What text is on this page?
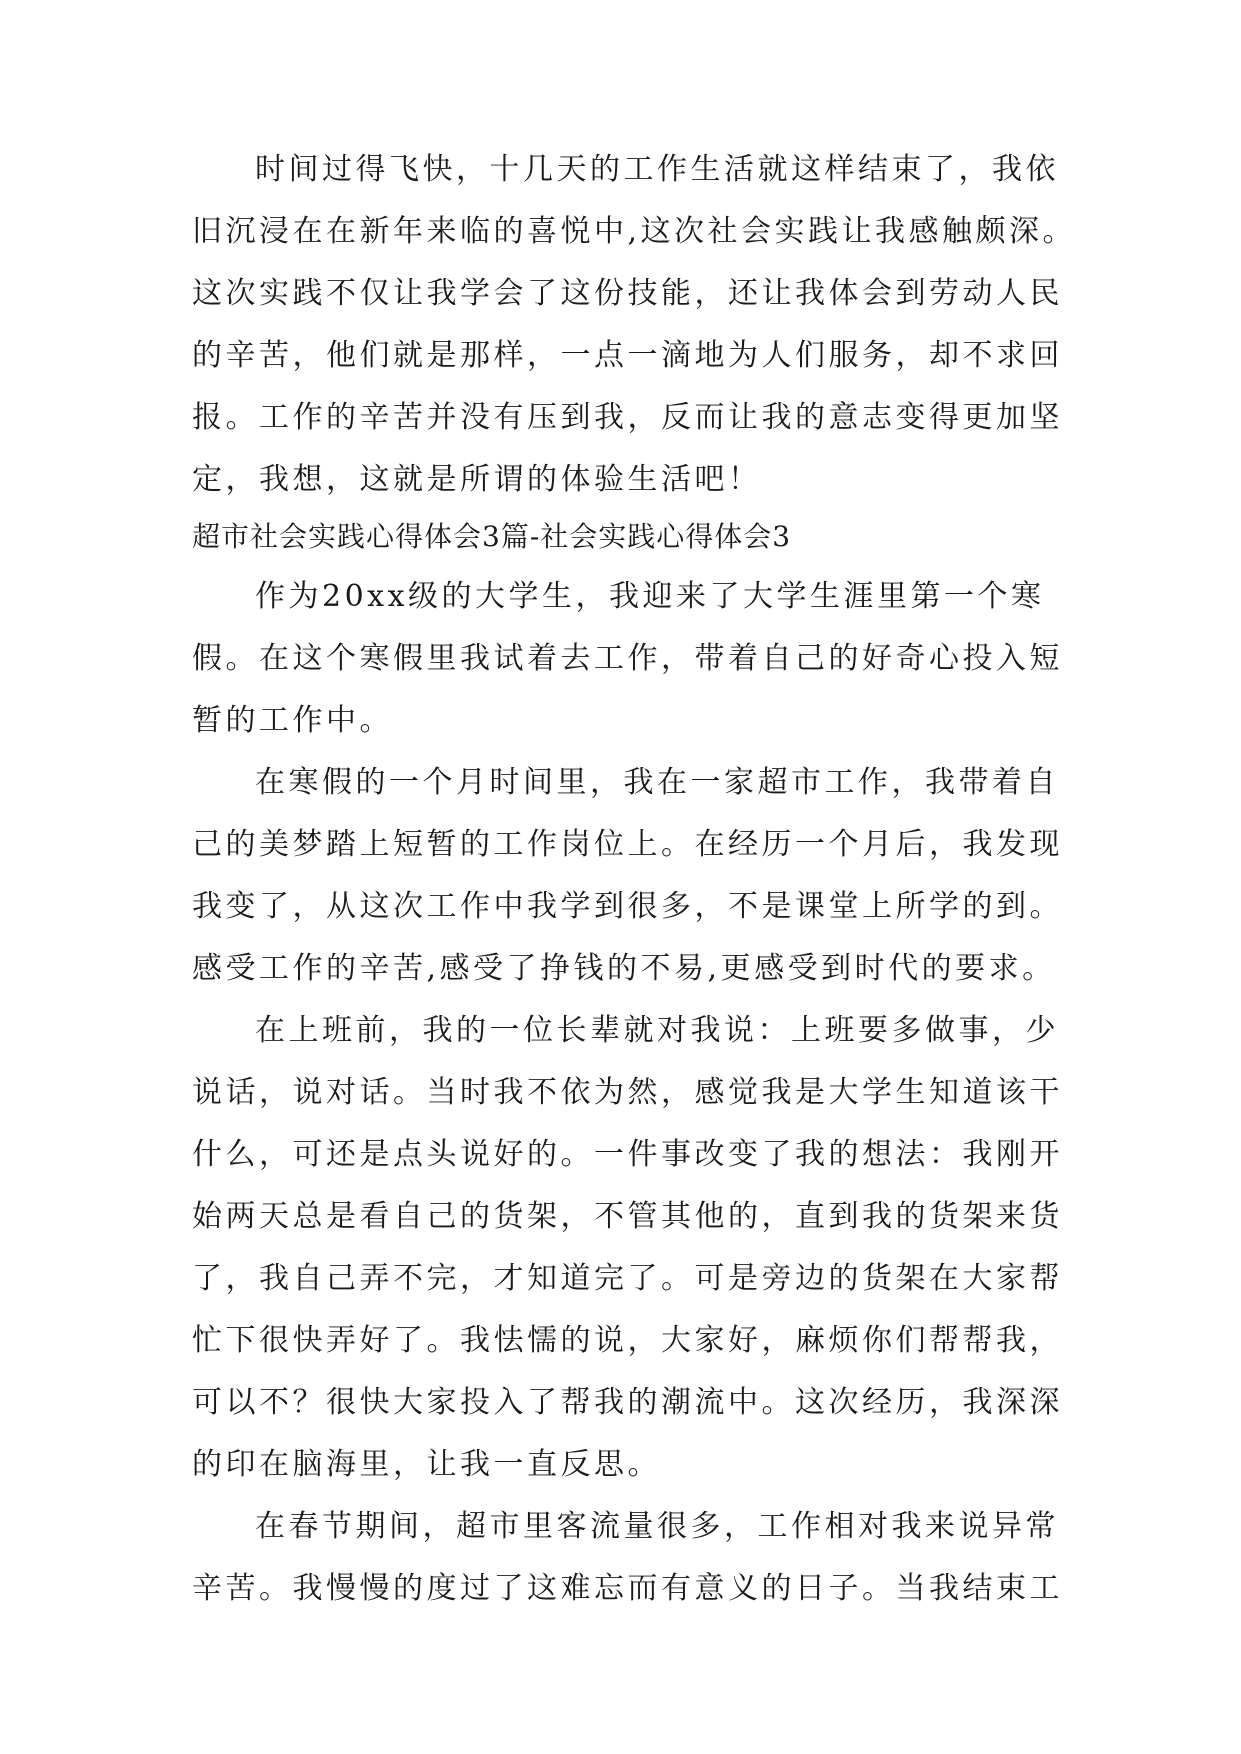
时间过得飞快，十几天的工作生活就这样结束了，我依
旧沉浸在在新年来临的喜悦中,这次社会实践让我感触颇深。
这次实践不仅让我学会了这份技能，还让我体会到劳动人民
的辛苦，他们就是那样，一点一滴地为人们服务，却不求回
报。工作的辛苦并没有压到我，反而让我的意志变得更加坚
定，我想，这就是所谓的体验生活吧！
超市社会实践心得体会3篇-社会实践心得体会3
作为20xx级的大学生，我迎来了大学生涯里第一个寒
假。在这个寒假里我试着去工作，带着自己的好奇心投入短
暂的工作中。
在寒假的一个月时间里，我在一家超市工作，我带着自
己的美梦踏上短暂的工作岗位上。在经历一个月后，我发现
我变了，从这次工作中我学到很多，不是课堂上所学的到。
感受工作的辛苦,感受了挣钱的不易,更感受到时代的要求。
在上班前，我的一位长辈就对我说：上班要多做事，少
说话，说对话。当时我不依为然，感觉我是大学生知道该干
什么，可还是点头说好的。一件事改变了我的想法：我刚开
始两天总是看自己的货架，不管其他的，直到我的货架来货
了，我自己弄不完，才知道完了。可是旁边的货架在大家帮
忙下很快弄好了。我怯懦的说，大家好，麻烦你们帮帮我，
可以不？很快大家投入了帮我的潮流中。这次经历，我深深
的印在脑海里，让我一直反思。
在春节期间，超市里客流量很多，工作相对我来说异常
辛苦。我慢慢的度过了这难忘而有意义的日子。当我结束工
